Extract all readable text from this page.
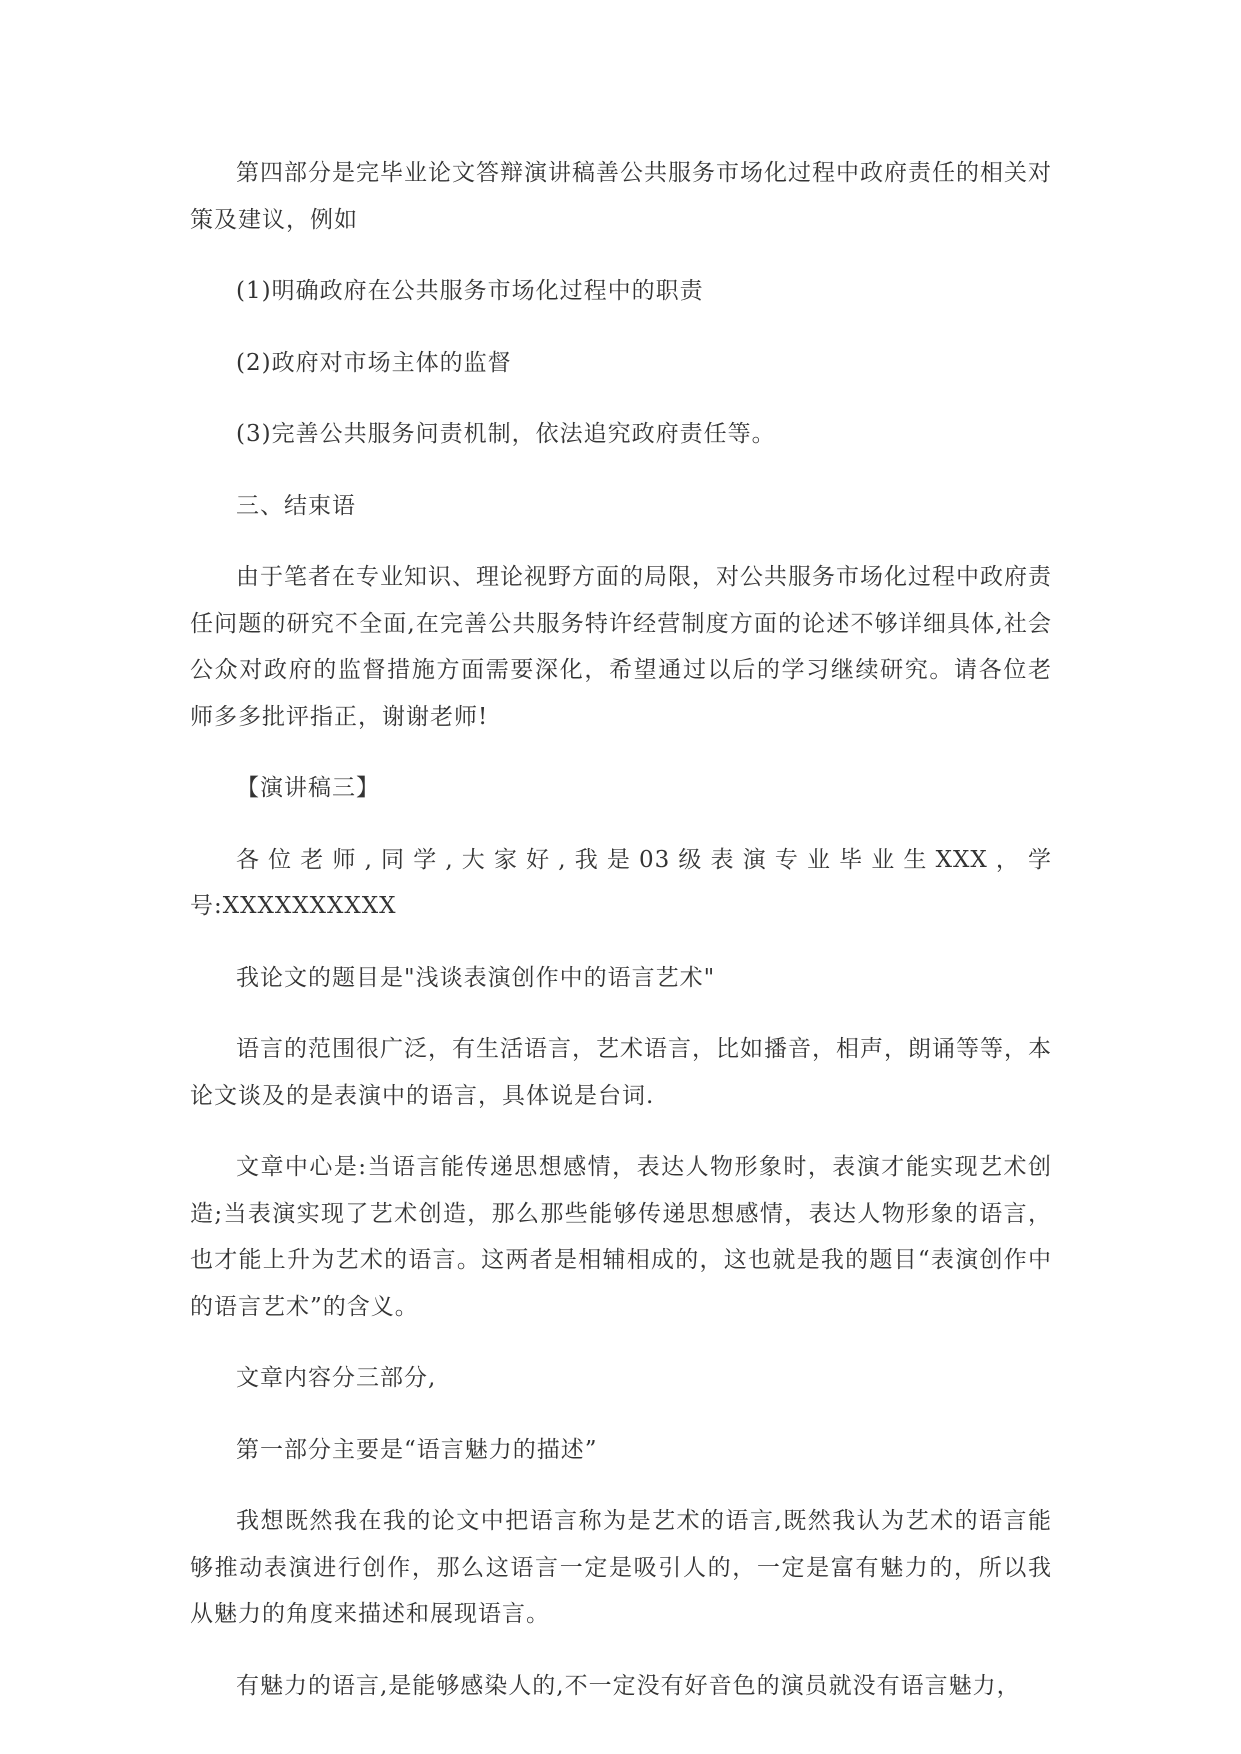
第四部分是完毕业论文答辩演讲稿善公共服务市场化过程中政府责任的相关对策及建议，例如

(1)明确政府在公共服务市场化过程中的职责

(2)政府对市场主体的监督

(3)完善公共服务问责机制，依法追究政府责任等。

三、结束语

由于笔者在专业知识、理论视野方面的局限，对公共服务市场化过程中政府责任问题的研究不全面,在完善公共服务特许经营制度方面的论述不够详细具体,社会公众对政府的监督措施方面需要深化，希望通过以后的学习继续研究。请各位老师多多批评指正，谢谢老师!

【演讲稿三】

各位老师,同学,大家好,我是03级表演专业毕业生XXX，学号:XXXXXXXXXX

我论文的题目是"浅谈表演创作中的语言艺术"

语言的范围很广泛，有生活语言，艺术语言，比如播音，相声，朗诵等等，本论文谈及的是表演中的语言，具体说是台词.

文章中心是:当语言能传递思想感情，表达人物形象时，表演才能实现艺术创造;当表演实现了艺术创造，那么那些能够传递思想感情，表达人物形象的语言，也才能上升为艺术的语言。这两者是相辅相成的，这也就是我的题目“表演创作中的语言艺术”的含义。

文章内容分三部分,

第一部分主要是“语言魅力的描述”

我想既然我在我的论文中把语言称为是艺术的语言,既然我认为艺术的语言能够推动表演进行创作，那么这语言一定是吸引人的，一定是富有魅力的，所以我从魅力的角度来描述和展现语言。

有魅力的语言,是能够感染人的,不一定没有好音色的演员就没有语言魅力，
